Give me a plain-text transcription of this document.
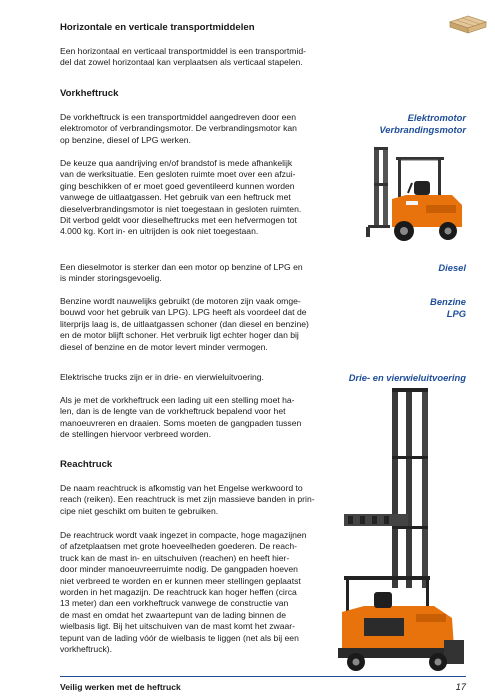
Horizontale en verticale transportmiddelen

Een horizontaal en verticaal transportmiddel is een transportmid-
del dat zowel horizontaal kan verplaatsen als verticaal stapelen.

Vorkheftruck

De vorkheftruck is een transportmiddel aangedreven door een
elektromotor of verbrandingsmotor. De verbrandingsmotor kan
op benzine, diesel of LPG werken.

De keuze qua aandrijving en/of brandstof is mede afhankelijk
van de werksituatie. Een gesloten ruimte moet over een afzui-
ging beschikken of er moet goed geventileerd kunnen worden
vanwege de uitlaatgassen. Het gebruik van een heftruck met
dieselverbrandingsmotor is niet toegestaan in gesloten ruimten.
Dit verbod geldt voor dieselheftrucks met een hefvermogen tot
4.000 kg. Kort in- en uitrijden is ook niet toegestaan.

Een dieselmotor is sterker dan een motor op benzine of LPG en
is minder storingsgevoelig.

Benzine wordt nauwelijks gebruikt (de motoren zijn vaak omge-
bouwd voor het gebruik van LPG). LPG heeft als voordeel dat de
literprijs laag is, de uitlaatgassen schoner (dan diesel en benzine)
en de motor blijft schoner. Het verbruik ligt echter hoger dan bij
diesel of benzine en de motor levert minder vermogen.

Elektrische trucks zijn er in drie- en vierwieluitvoering.

Als je met de vorkheftruck een lading uit een stelling moet ha-
len, dan is de lengte van de vorkheftruck bepalend voor het
manoeuvreren en draaien. Soms moeten de gangpaden tussen
de stellingen hiervoor verbreed worden.

Reachtruck

De naam reachtruck is afkomstig van het Engelse werkwoord to
reach (reiken). Een reachtruck is met zijn massieve banden in prin-
cipe niet geschikt om buiten te gebruiken.

De reachtruck wordt vaak ingezet in compacte, hoge magazijnen
of afzetplaatsen met grote hoeveelheden goederen. De reach-
truck kan de mast in- en uitschuiven (reachen) en heeft hier-
door minder manoeuvreerruimte nodig. De gangpaden hoeven
niet verbreed te worden en er kunnen meer stellingen geplaatst
worden in het magazijn. De reachtruck kan hoger heffen (circa
13 meter) dan een vorkheftruck vanwege de constructie van
de mast en omdat het zwaartepunt van de lading binnen de
wielbasis ligt. Bij het uitschuiven van de mast komt het zwaar-
tepunt van de lading vóór de wielbasis te liggen (net als bij een
vorkheftruck).

Elektromotor
Verbrandingsmotor
Diesel
Benzine
LPG
Drie- en vierwieluitvoering
Veilig werken met de heftruck	17
